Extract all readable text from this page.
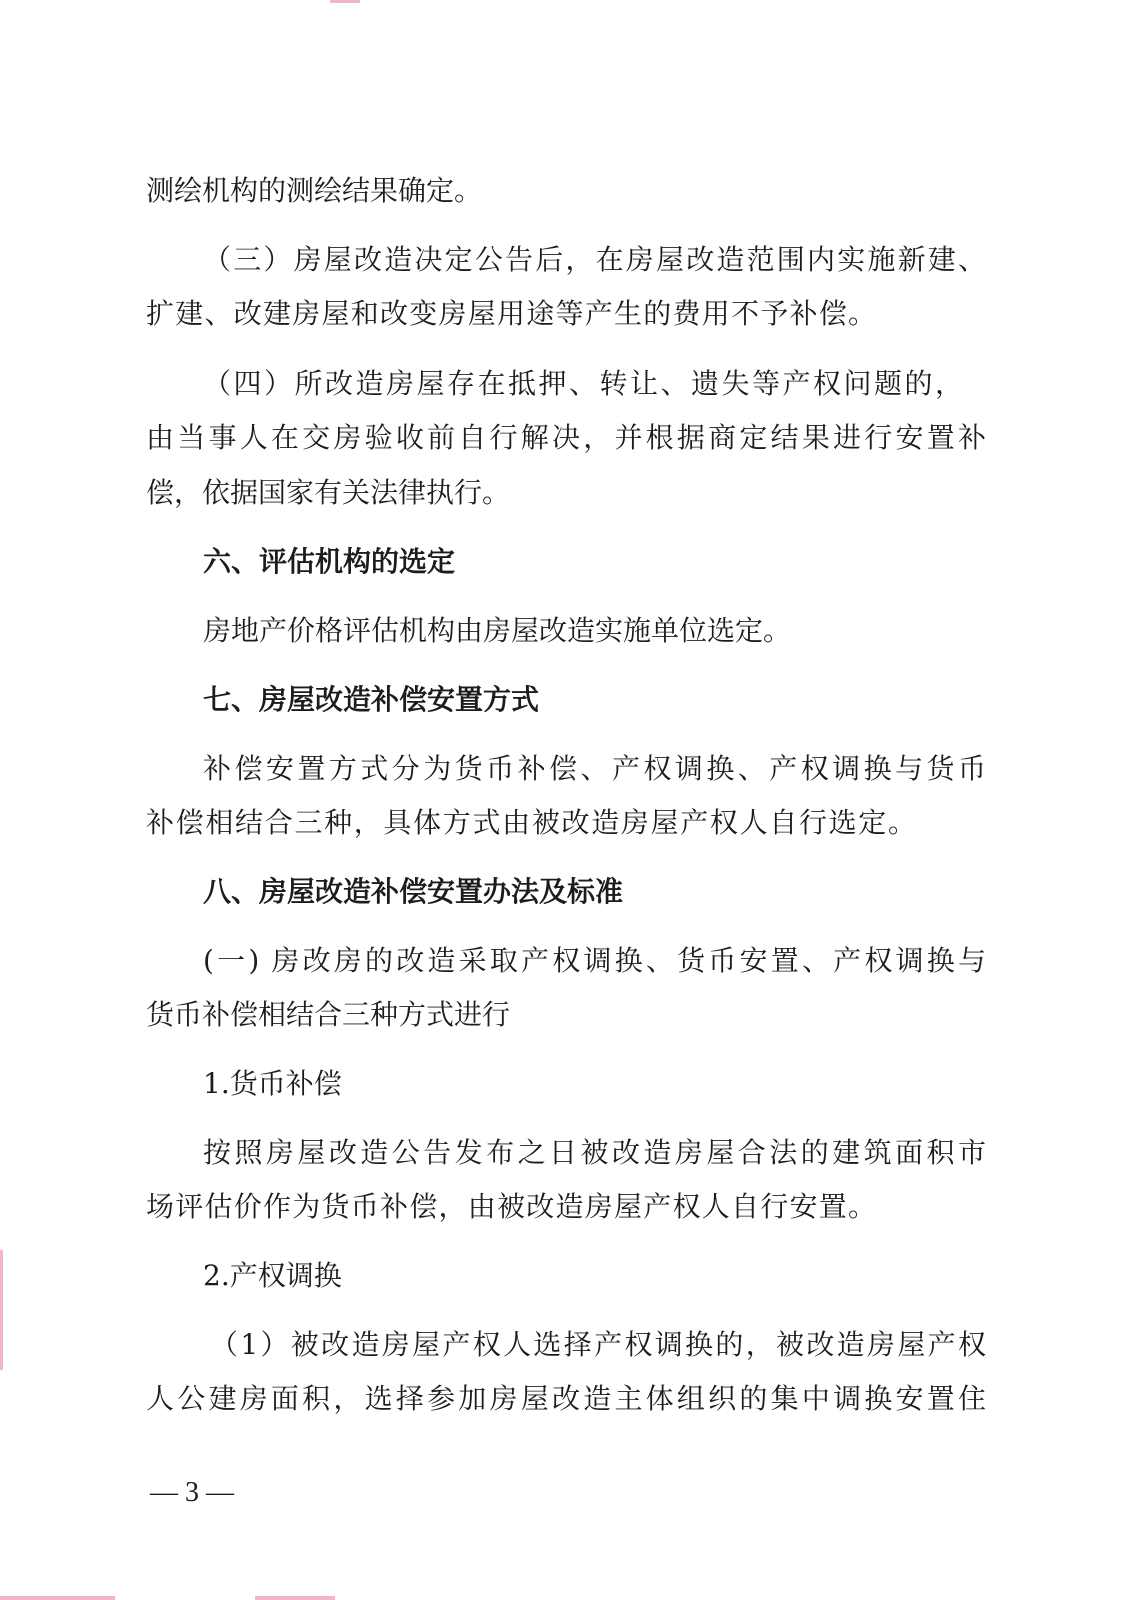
测绘机构的测绘结果确定。
（三）房屋改造决定公告后，在房屋改造范围内实施新建、
扩建、改建房屋和改变房屋用途等产生的费用不予补偿。
（四）所改造房屋存在抵押、转让、遗失等产权问题的，
由当事人在交房验收前自行解决，并根据商定结果进行安置补
偿，依据国家有关法律执行。
六、评估机构的选定
房地产价格评估机构由房屋改造实施单位选定。
七、房屋改造补偿安置方式
补偿安置方式分为货币补偿、产权调换、产权调换与货币
补偿相结合三种，具体方式由被改造房屋产权人自行选定。
八、房屋改造补偿安置办法及标准
(一) 房改房的改造采取产权调换、货币安置、产权调换与
货币补偿相结合三种方式进行
1.货币补偿
按照房屋改造公告发布之日被改造房屋合法的建筑面积市
场评估价作为货币补偿，由被改造房屋产权人自行安置。
2.产权调换
（1）被改造房屋产权人选择产权调换的，被改造房屋产权
人公建房面积，选择参加房屋改造主体组织的集中调换安置住
— 3 —
